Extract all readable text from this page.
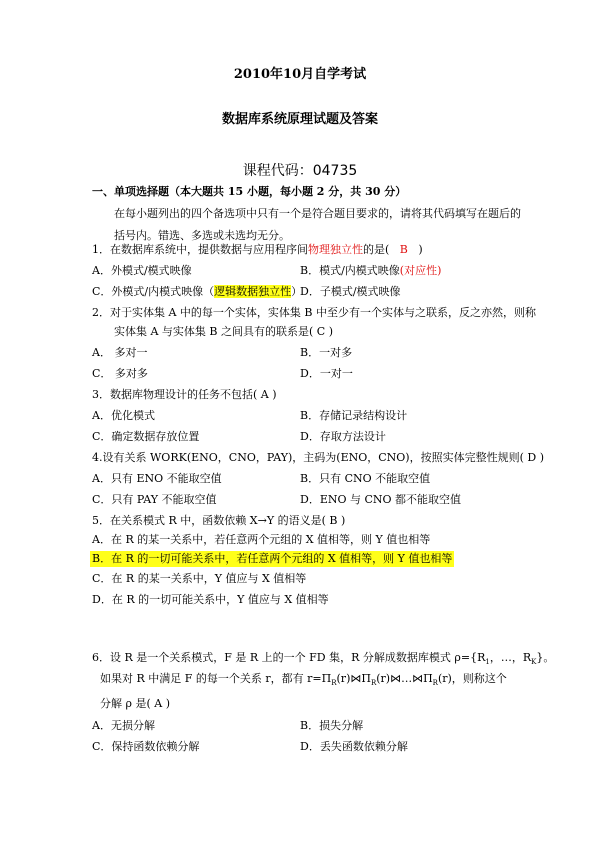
2010年10月自学考试
数据库系统原理试题及答案
课程代码：04735
一、单项选择题（本大题共 15 小题，每小题 2 分，共 30 分）
在每小题列出的四个备选项中只有一个是符合题目要求的，请将其代码填写在题后的
括号内。错选、多选或未选均无分。
1．在数据库系统中，提供数据与应用程序间物理独立性的是( B )
A．外模式/模式映像	B．模式/内模式映像(对应性)
C．外模式/内模式映像（逻辑数据独立性）
D．子模式/模式映像
2．对于实体集 A 中的每一个实体，实体集 B 中至少有一个实体与之联系，反之亦然，则称
实体集 A 与实体集 B 之间具有的联系是( C )
A． 多对一	B．一对多
C． 多对多	D．一对一
3．数据库物理设计的任务不包括( A )
A．优化模式	B．存储记录结构设计
C．确定数据存放位置	D．存取方法设计
4.设有关系 WORK(ENO，CNO，PAY)，主码为(ENO，CNO)，按照实体完整性规则( D )
A．只有 ENO 不能取空值	B．只有 CNO 不能取空值
C．只有 PAY 不能取空值	D．ENO 与 CNO 都不能取空值
5．在关系模式 R 中，函数依赖 X→Y 的语义是( B )
A．在 R 的某一关系中，若任意两个元组的 X 值相等，则 Y 值也相等
B．在 R 的一切可能关系中，若任意两个元组的 X 值相等，则 Y 值也相等
C．在 R 的某一关系中，Y 值应与 X 值相等
D．在 R 的一切可能关系中，Y 值应与 X 值相等
6．设 R 是一个关系模式，F 是 R 上的一个 FD 集，R 分解成数据库模式 $\rho=\{R_1$，…，$R_K$}。
如果对 R 中满足 F 的每一个关系 r，都有 $r=\Pi_R(r)⋈\Pi_R(r)⋈\dots⋈\Pi_R(r)$，则称这个
分解 ρ 是( A )
A．无损分解	B．损失分解
C．保持函数依赖分解	D．丢失函数依赖分解
